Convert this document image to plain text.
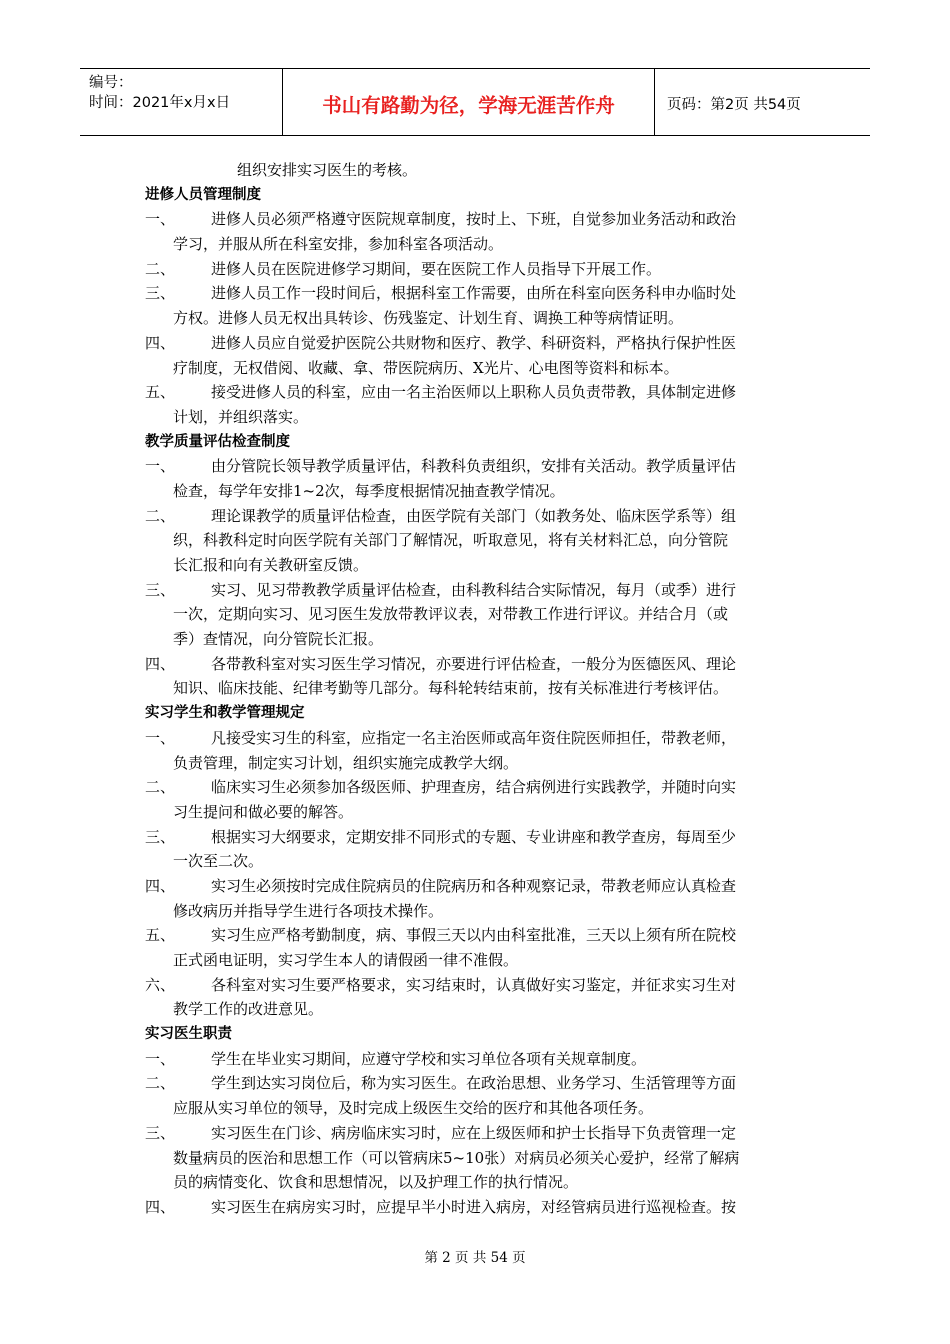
编号：
时间：2021年x月x日	书山有路勤为径，学海无涯苦作舟	页码：第2页 共54页
组织安排实习医生的考核。
进修人员管理制度
一、	进修人员必须严格遵守医院规章制度，按时上、下班，自觉参加业务活动和政治
学习，并服从所在科室安排，参加科室各项活动。
二、	进修人员在医院进修学习期间，要在医院工作人员指导下开展工作。
三、	进修人员工作一段时间后，根据科室工作需要，由所在科室向医务科申办临时处
方权。进修人员无权出具转诊、伤残鉴定、计划生育、调换工种等病情证明。
四、	进修人员应自觉爱护医院公共财物和医疗、教学、科研资料，严格执行保护性医
疗制度，无权借阅、收藏、拿、带医院病历、X光片、心电图等资料和标本。
五、	接受进修人员的科室，应由一名主治医师以上职称人员负责带教，具体制定进修
计划，并组织落实。
教学质量评估检查制度
一、	由分管院长领导教学质量评估，科教科负责组织，安排有关活动。教学质量评估
检查，每学年安排1~2次，每季度根据情况抽查教学情况。
二、	理论课教学的质量评估检查，由医学院有关部门（如教务处、临床医学系等）组
织，科教科定时向医学院有关部门了解情况，听取意见，将有关材料汇总，向分管院
长汇报和向有关教研室反馈。
三、	实习、见习带教教学质量评估检查，由科教科结合实际情况，每月（或季）进行
一次，定期向实习、见习医生发放带教评议表，对带教工作进行评议。并结合月（或
季）查情况，向分管院长汇报。
四、	各带教科室对实习医生学习情况，亦要进行评估检查，一般分为医德医风、理论
知识、临床技能、纪律考勤等几部分。每科轮转结束前，按有关标准进行考核评估。
实习学生和教学管理规定
一、	凡接受实习生的科室，应指定一名主治医师或高年资住院医师担任，带教老师，
负责管理，制定实习计划，组织实施完成教学大纲。
二、	临床实习生必须参加各级医师、护理查房，结合病例进行实践教学，并随时向实
习生提问和做必要的解答。
三、	根据实习大纲要求，定期安排不同形式的专题、专业讲座和教学查房，每周至少
一次至二次。
四、	实习生必须按时完成住院病员的住院病历和各种观察记录，带教老师应认真检查
修改病历并指导学生进行各项技术操作。
五、	实习生应严格考勤制度，病、事假三天以内由科室批准，三天以上须有所在院校
正式函电证明，实习学生本人的请假函一律不准假。
六、	各科室对实习生要严格要求，实习结束时，认真做好实习鉴定，并征求实习生对
教学工作的改进意见。
实习医生职责
一、	学生在毕业实习期间，应遵守学校和实习单位各项有关规章制度。
二、	学生到达实习岗位后，称为实习医生。在政治思想、业务学习、生活管理等方面
应服从实习单位的领导，及时完成上级医生交给的医疗和其他各项任务。
三、	实习医生在门诊、病房临床实习时，应在上级医师和护士长指导下负责管理一定
数量病员的医治和思想工作（可以管病床5~10张）对病员必须关心爱护，经常了解病
员的病情变化、饮食和思想情况，以及护理工作的执行情况。
四、	实习医生在病房实习时，应提早半小时进入病房，对经管病员进行巡视检查。按
第 2 页 共 54 页
